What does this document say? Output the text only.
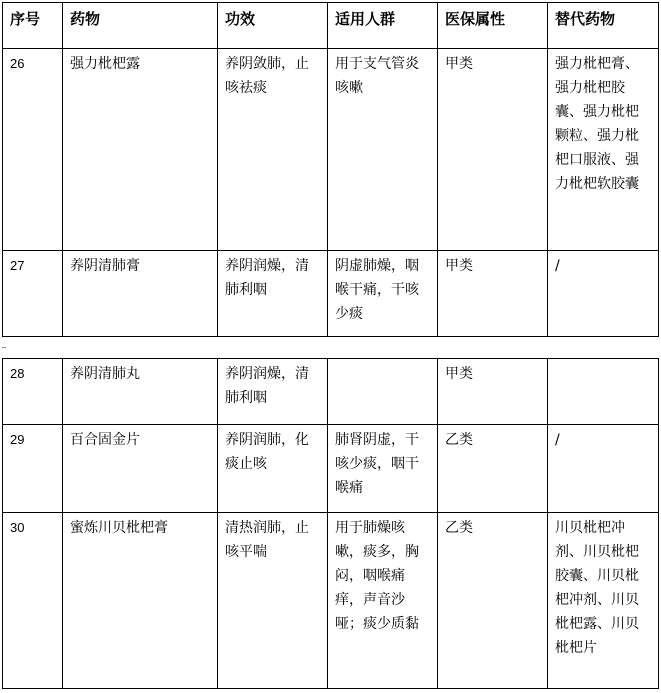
序号	药物	功效	适用人群	医保属性	替代药物
26	强力枇杷露	养阴敛肺，止咳祛痰	用于支气管炎咳嗽	甲类	强力枇杷膏、强力枇杷胶囊、强力枇杷颗粒、强力枇杷口服液、强力枇杷软胶囊
27	养阴清肺膏	养阴润燥，清肺利咽	阴虚肺燥，咽喉干痛，干咳少痰	甲类	/
28	养阴清肺丸	养阴润燥，清肺利咽		甲类	
29	百合固金片	养阴润肺，化痰止咳	肺肾阴虚，干咳少痰，咽干喉痛	乙类	/
30	蜜炼川贝枇杷膏	清热润肺，止咳平喘	用于肺燥咳嗽，痰多，胸闷，咽喉痛痒，声音沙哑；痰少质黏	乙类	川贝枇杷冲剂、川贝枇杷胶囊、川贝枇杷冲剂、川贝枇杷露、川贝枇杷片
